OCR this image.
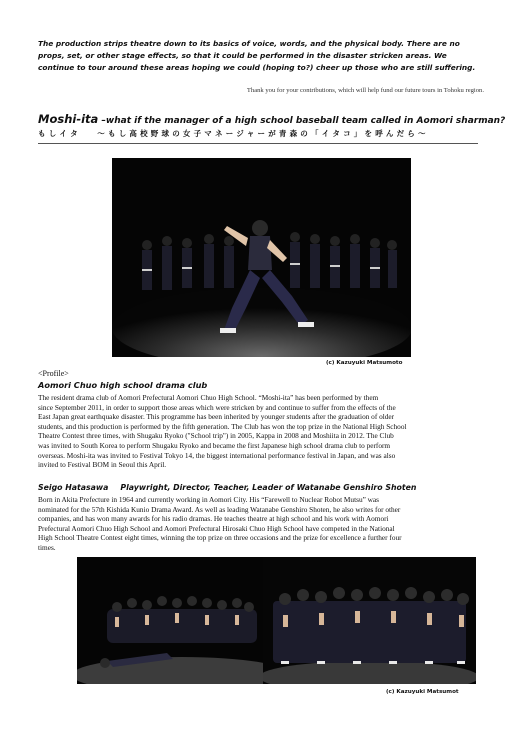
The production strips theatre down to its basics of voice, words, and the physical body. There are no
props, set, or other stage effects, so that it could be performed in the disaster stricken areas. We
continue to tour around these areas hoping we could (hoping to?) cheer up those who are still suffering.
Thank you for your contributions, which will help fund our future tours in Tohoku region.
Moshi-ita –what if the manager of a high school baseball team called in Aomori sharman?
もしイタ 　〜もし高校野球の女子マネージャーが青森の「イタコ」を呼んだら〜
(c) Kazuyuki Matsumoto
<Profile>
Aomori Chuo high school drama club
The resident drama club of Aomori Prefectural Aomori Chuo High School. “Moshi-ita” has been performed by them
since September 2011, in order to support those areas which were stricken by and continue to suffer from the effects of the
East Japan great earthquake disaster. This programme has been inherited by younger students after the graduation of older
students, and this production is performed by the fifth generation. The Club has won the top prize in the National High School
Theatre Contest three times, with Shugaku Ryoko ("School trip") in 2005, Kappa in 2008 and Moshiita in 2012. The Club
was invited to South Korea to perform Shugaku Ryoko and became the first Japanese high school drama club to perform
overseas. Moshi-ita was invited to Festival Tokyo 14, the biggest international performance festival in Japan, and was also
invited to Festival BOM in Seoul this April.
Seigo Hatasawa Playwright, Director, Teacher, Leader of Watanabe Genshiro Shoten
Born in Akita Prefecture in 1964 and currently working in Aomori City. His “Farewell to Nuclear Robot Mutsu” was
nominated for the 57th Kishida Kunio Drama Award. As well as leading Watanabe Genshiro Shoten, he also writes for other
companies, and has won many awards for his radio dramas. He teaches theatre at high school and his work with Aomori
Prefectural Aomori Chuo High School and Aomori Prefectural Hirosaki Chuo High School have competed in the National
High School Theatre Contest eight times, winning the top prize on three occasions and the prize for excellence a further four
times.
(c) Kazuyuki Matsumot
